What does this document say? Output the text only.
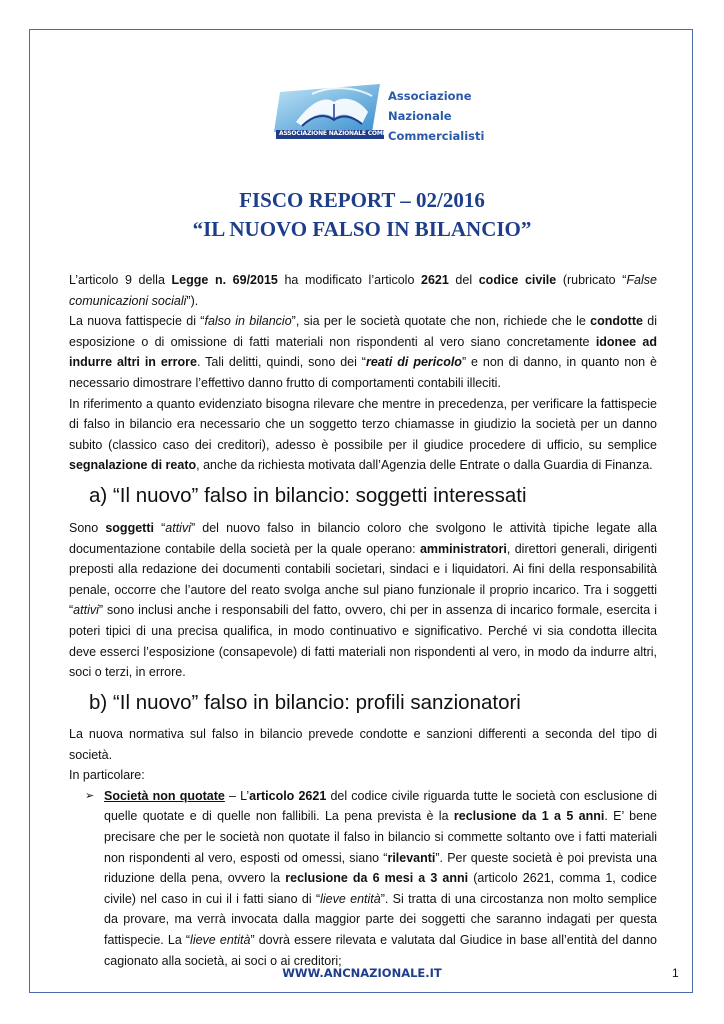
ASSOCIAZIONE NAZIONALE COMMERCIALISTI
Associazione
Nazionale
Commercialisti
FISCO REPORT – 02/2016
“IL NUOVO FALSO IN BILANCIO”

L’articolo 9 della Legge n. 69/2015 ha modificato l’articolo 2621 del codice civile (rubricato “False comunicazioni sociali”).

La nuova fattispecie di “falso in bilancio”, sia per le società quotate che non, richiede che le condotte di esposizione o di omissione di fatti materiali non rispondenti al vero siano concretamente idonee ad indurre altri in errore. Tali delitti, quindi, sono dei “reati di pericolo” e non di danno, in quanto non è necessario dimostrare l’effettivo danno frutto di comportamenti contabili illeciti.

In riferimento a quanto evidenziato bisogna rilevare che mentre in precedenza, per verificare la fattispecie di falso in bilancio era necessario che un soggetto terzo chiamasse in giudizio la società per un danno subito (classico caso dei creditori), adesso è possibile per il giudice procedere di ufficio, su semplice segnalazione di reato, anche da richiesta motivata dall’Agenzia delle Entrate o dalla Guardia di Finanza.

a) “Il nuovo” falso in bilancio: soggetti interessati

Sono soggetti “attivi” del nuovo falso in bilancio coloro che svolgono le attività tipiche legate alla documentazione contabile della società per la quale operano: amministratori, direttori generali, dirigenti preposti alla redazione dei documenti contabili societari, sindaci e i liquidatori. Ai fini della responsabilità penale, occorre che l’autore del reato svolga anche sul piano funzionale il proprio incarico. Tra i soggetti “attivi” sono inclusi anche i responsabili del fatto, ovvero, chi per in assenza di incarico formale, esercita i poteri tipici di una precisa qualifica, in modo continuativo e significativo. Perché vi sia condotta illecita deve esserci l’esposizione (consapevole) di fatti materiali non rispondenti al vero, in modo da indurre altri, soci o terzi, in errore.

b) “Il nuovo” falso in bilancio: profili sanzionatori

La nuova normativa sul falso in bilancio prevede condotte e sanzioni differenti a seconda del tipo di società.

In particolare:

➢ Società non quotate – L’articolo 2621 del codice civile riguarda tutte le società con esclusione di quelle quotate e di quelle non fallibili. La pena prevista è la reclusione da 1 a 5 anni. E’ bene precisare che per le società non quotate il falso in bilancio si commette soltanto ove i fatti materiali non rispondenti al vero, esposti od omessi, siano “rilevanti”. Per queste società è poi prevista una riduzione della pena, ovvero la reclusione da 6 mesi a 3 anni (articolo 2621, comma 1, codice civile) nel caso in cui il i fatti siano di “lieve entità”. Si tratta di una circostanza non molto semplice da provare, ma verrà invocata dalla maggior parte dei soggetti che saranno indagati per questa fattispecie. La “lieve entità” dovrà essere rilevata e valutata dal Giudice in base all’entità del danno cagionato alla società, ai soci o ai creditori;

WWW.ANCNAZIONALE.IT	1
